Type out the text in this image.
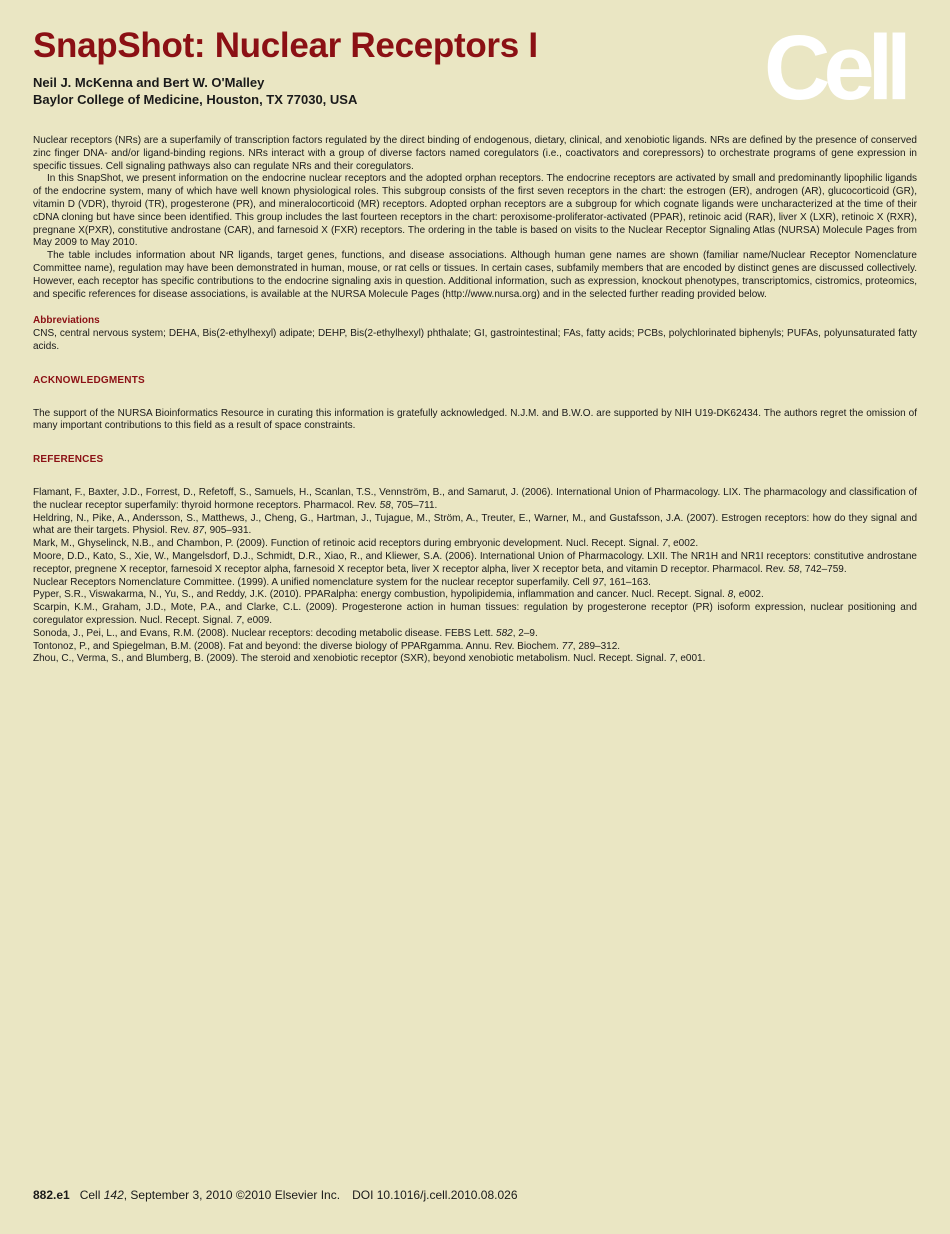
SnapShot: Nuclear Receptors I
Neil J. McKenna and Bert W. O'Malley
Baylor College of Medicine, Houston, TX 77030, USA	Cell

Nuclear receptors (NRs) are a superfamily of transcription factors regulated by the direct binding of endogenous, dietary, clinical, and xenobiotic ligands. NRs are defined by the presence of conserved zinc finger DNA- and/or ligand-binding regions. NRs interact with a group of diverse factors named coregulators (i.e., coactivators and corepressors) to orchestrate programs of gene expression in specific tissues. Cell signaling pathways also can regulate NRs and their coregulators.

In this SnapShot, we present information on the endocrine nuclear receptors and the adopted orphan receptors. The endocrine receptors are activated by small and predominantly lipophilic ligands of the endocrine system, many of which have well known physiological roles. This subgroup consists of the first seven receptors in the chart: the estrogen (ER), androgen (AR), glucocorticoid (GR), vitamin D (VDR), thyroid (TR), progesterone (PR), and mineralocorticoid (MR) receptors. Adopted orphan receptors are a subgroup for which cognate ligands were uncharacterized at the time of their cDNA cloning but have since been identified. This group includes the last fourteen receptors in the chart: peroxisome-proliferator-activated (PPAR), retinoic acid (RAR), liver X (LXR), retinoic X (RXR), pregnane X(PXR), constitutive androstane (CAR), and farnesoid X (FXR) receptors. The ordering in the table is based on visits to the Nuclear Receptor Signaling Atlas (NURSA) Molecule Pages from May 2009 to May 2010.

The table includes information about NR ligands, target genes, functions, and disease associations. Although human gene names are shown (familiar name/Nuclear Receptor Nomenclature Committee name), regulation may have been demonstrated in human, mouse, or rat cells or tissues. In certain cases, subfamily members that are encoded by distinct genes are discussed collectively. However, each receptor has specific contributions to the endocrine signaling axis in question. Additional information, such as expression, knockout phenotypes, transcriptomics, cistromics, proteomics, and specific references for disease associations, is available at the NURSA Molecule Pages (http://www.nursa.org) and in the selected further reading provided below.

Abbreviations

CNS, central nervous system; DEHA, Bis(2-ethylhexyl) adipate; DEHP, Bis(2-ethylhexyl) phthalate; GI, gastrointestinal; FAs, fatty acids; PCBs, polychlorinated biphenyls; PUFAs, polyunsaturated fatty acids.

ACKNOWLEDGMENTS

The support of the NURSA Bioinformatics Resource in curating this information is gratefully acknowledged. N.J.M. and B.W.O. are supported by NIH U19-DK62434. The authors regret the omission of many important contributions to this field as a result of space constraints.

REFERENCES

Flamant, F., Baxter, J.D., Forrest, D., Refetoff, S., Samuels, H., Scanlan, T.S., Vennström, B., and Samarut, J. (2006). International Union of Pharmacology. LIX. The pharmacology and classification of the nuclear receptor superfamily: thyroid hormone receptors. Pharmacol. Rev. 58, 705–711.

Heldring, N., Pike, A., Andersson, S., Matthews, J., Cheng, G., Hartman, J., Tujague, M., Ström, A., Treuter, E., Warner, M., and Gustafsson, J.A. (2007). Estrogen receptors: how do they signal and what are their targets. Physiol. Rev. 87, 905–931.

Mark, M., Ghyselinck, N.B., and Chambon, P. (2009). Function of retinoic acid receptors during embryonic development. Nucl. Recept. Signal. 7, e002.

Moore, D.D., Kato, S., Xie, W., Mangelsdorf, D.J., Schmidt, D.R., Xiao, R., and Kliewer, S.A. (2006). International Union of Pharmacology. LXII. The NR1H and NR1I receptors: constitutive androstane receptor, pregnene X receptor, farnesoid X receptor alpha, farnesoid X receptor beta, liver X receptor alpha, liver X receptor beta, and vitamin D receptor. Pharmacol. Rev. 58, 742–759.

Nuclear Receptors Nomenclature Committee. (1999). A unified nomenclature system for the nuclear receptor superfamily. Cell 97, 161–163.

Pyper, S.R., Viswakarma, N., Yu, S., and Reddy, J.K. (2010). PPARalpha: energy combustion, hypolipidemia, inflammation and cancer. Nucl. Recept. Signal. 8, e002.

Scarpin, K.M., Graham, J.D., Mote, P.A., and Clarke, C.L. (2009). Progesterone action in human tissues: regulation by progesterone receptor (PR) isoform expression, nuclear positioning and coregulator expression. Nucl. Recept. Signal. 7, e009.

Sonoda, J., Pei, L., and Evans, R.M. (2008). Nuclear receptors: decoding metabolic disease. FEBS Lett. 582, 2–9.

Tontonoz, P., and Spiegelman, B.M. (2008). Fat and beyond: the diverse biology of PPARgamma. Annu. Rev. Biochem. 77, 289–312.

Zhou, C., Verma, S., and Blumberg, B. (2009). The steroid and xenobiotic receptor (SXR), beyond xenobiotic metabolism. Nucl. Recept. Signal. 7, e001.

882.e1 Cell 142, September 3, 2010 ©2010 Elsevier Inc. DOI 10.1016/j.cell.2010.08.026
